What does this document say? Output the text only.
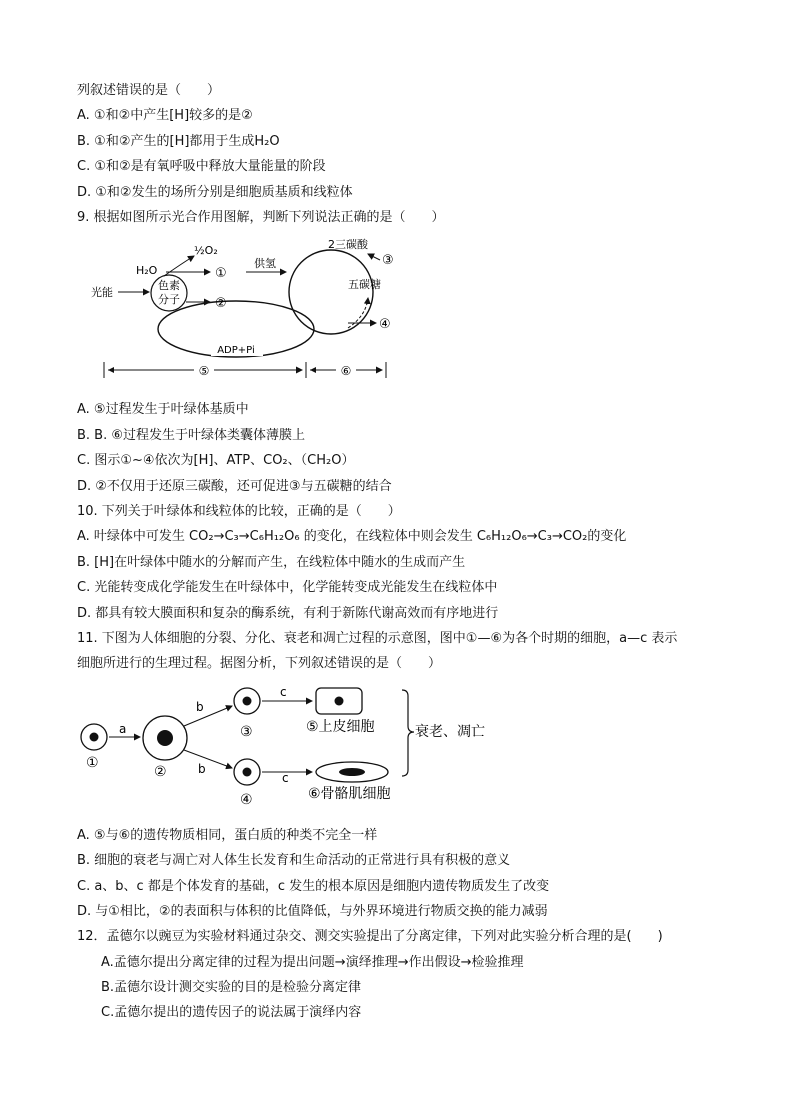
列叙述错误的是（　　）
A. ①和②中产生[H]较多的是②
B. ①和②产生的[H]都用于生成H₂O
C. ①和②是有氧呼吸中释放大量能量的阶段
D. ①和②发生的场所分别是细胞质基质和线粒体
9. 根据如图所示光合作用图解，判断下列说法正确的是（　　）
色素
分子
光能
H₂O
½O₂
①
供氢
②
2三碳酸
③
五碳糖
④
ADP+Pi
⑤	⑥
A. ⑤过程发生于叶绿体基质中
B. B. ⑥过程发生于叶绿体类囊体薄膜上
C. 图示①~④依次为[H]、ATP、CO₂、（CH₂O）
D. ②不仅用于还原三碳酸，还可促进③与五碳糖的结合
10. 下列关于叶绿体和线粒体的比较，正确的是（　　）
A. 叶绿体中可发生 CO₂→C₃→C₆H₁₂O₆ 的变化，在线粒体中则会发生 C₆H₁₂O₆→C₃→CO₂的变化
B. [H]在叶绿体中随水的分解而产生，在线粒体中随水的生成而产生
C. 光能转变成化学能发生在叶绿体中，化学能转变成光能发生在线粒体中
D. 都具有较大膜面积和复杂的酶系统，有利于新陈代谢高效而有序地进行
11. 下图为人体细胞的分裂、分化、衰老和凋亡过程的示意图，图中①—⑥为各个时期的细胞，a—c 表示
细胞所进行的生理过程。据图分析，下列叙述错误的是（　　）
①
a
②
b
b
③
④
c
c
⑤上皮细胞
⑥骨骼肌细胞
衰老、凋亡
A. ⑤与⑥的遗传物质相同，蛋白质的种类不完全一样
B. 细胞的衰老与凋亡对人体生长发育和生命活动的正常进行具有积极的意义
C. a、b、c 都是个体发育的基础，c 发生的根本原因是细胞内遗传物质发生了改变
D. 与①相比，②的表面积与体积的比值降低，与外界环境进行物质交换的能力减弱
12．孟德尔以豌豆为实验材料通过杂交、测交实验提出了分离定律，下列对此实验分析合理的是(　　)
A.孟德尔提出分离定律的过程为提出问题→演绎推理→作出假设→检验推理
B.孟德尔设计测交实验的目的是检验分离定律
C.孟德尔提出的遗传因子的说法属于演绎内容
